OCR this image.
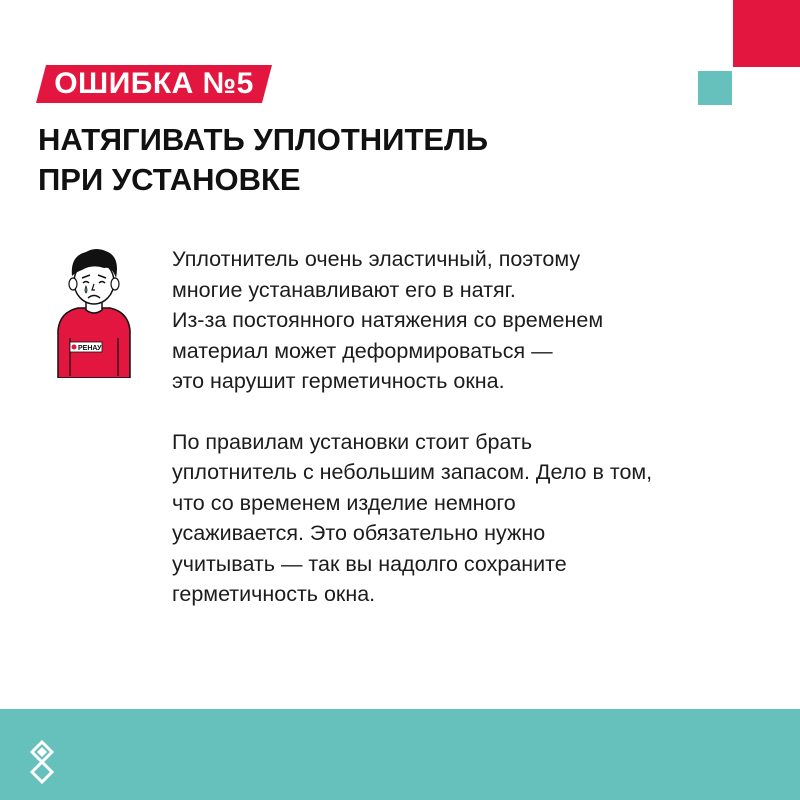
ОШИБКА №5
НАТЯГИВАТЬ УПЛОТНИТЕЛЬ
ПРИ УСТАНОВКЕ
РЕНАУ
Уплотнитель очень эластичный, поэтому
многие устанавливают его в натяг.
Из-за постоянного натяжения со временем
материал может деформироваться —
это нарушит герметичность окна.
По правилам установки стоит брать
уплотнитель с небольшим запасом. Дело в том,
что со временем изделие немного
усаживается. Это обязательно нужно
учитывать — так вы надолго сохраните
герметичность окна.
